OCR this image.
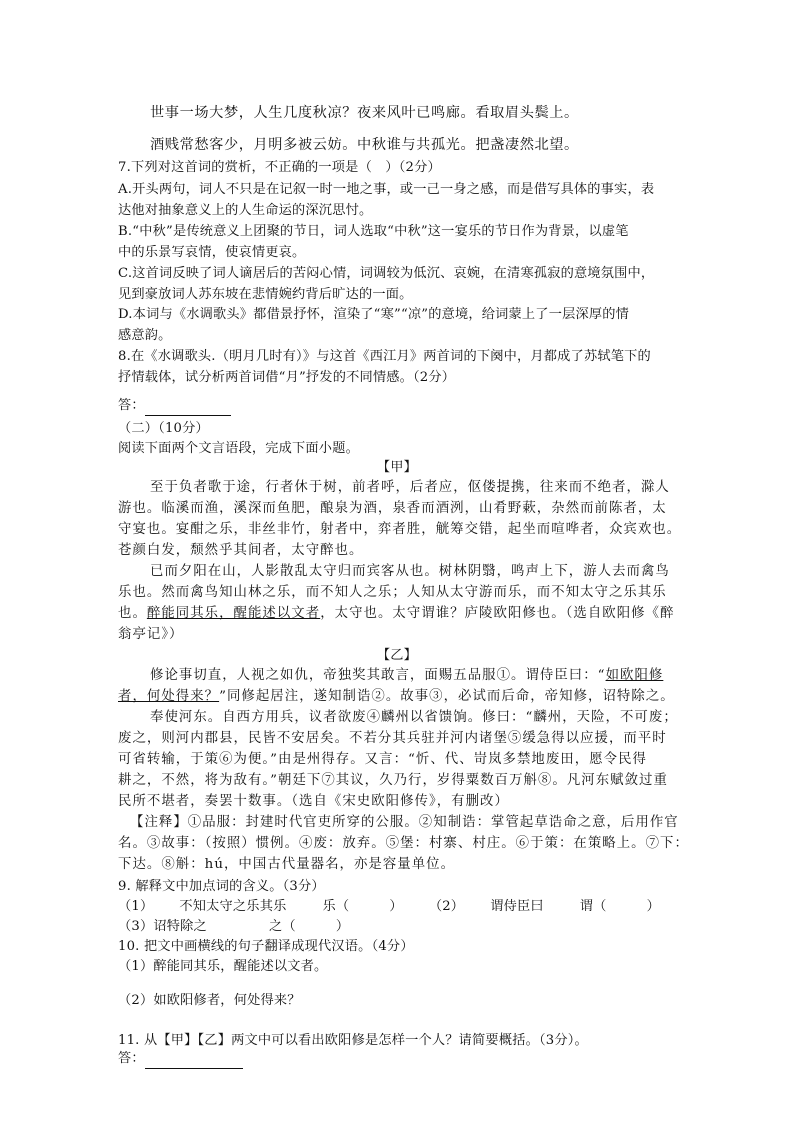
世事一场大梦，人生几度秋凉？夜来风叶已鸣廊。看取眉头鬓上。
酒贱常愁客少，月明多被云妨。中秋谁与共孤光。把盏凄然北望。
7.下列对这首词的赏析，不正确的一项是（　）（2分）
A.开头两句，词人不只是在记叙一时一地之事，或一己一身之感，而是借写具体的事实，表
达他对抽象意义上的人生命运的深沉思忖。
B.“中秋”是传统意义上团聚的节日，词人选取“中秋”这一宴乐的节日作为背景，以虚笔
中的乐景写哀情，使哀情更哀。
C.这首词反映了词人谪居后的苦闷心情，词调较为低沉、哀婉，在清寒孤寂的意境氛围中，
见到豪放词人苏东坡在悲情婉约背后旷达的一面。
D.本词与《水调歌头》都借景抒怀，渲染了“寒”“凉”的意境，给词蒙上了一层深厚的情
感意韵。
8.在《水调歌头.（明月几时有）》与这首《西江月》两首词的下阕中，月都成了苏轼笔下的
抒情载体，试分析两首词借“月”抒发的不同情感。（2分）
答：
（二）（10分）
阅读下面两个文言语段，完成下面小题。
【甲】
至于负者歌于途，行者休于树，前者呼，后者应，伛偻提携，往来而不绝者，滁人
游也。临溪而渔，溪深而鱼肥，酿泉为酒，泉香而酒洌，山肴野蔌，杂然而前陈者，太
守宴也。宴酣之乐，非丝非竹，射者中，弈者胜，觥筹交错，起坐而喧哗者，众宾欢也。
苍颜白发，颓然乎其间者，太守醉也。
已而夕阳在山，人影散乱太守归而宾客从也。树林阴翳，鸣声上下，游人去而禽鸟
乐也。然而禽鸟知山林之乐，而不知人之乐；人知从太守游而乐，而不知太守之乐其乐
也。醉能同其乐，醒能述以文者，太守也。太守谓谁？庐陵欧阳修也。（选自欧阳修《醉
翁亭记》）
【乙】
修论事切直，人视之如仇，帝独奖其敢言，面赐五品服①。谓侍臣曰：“如欧阳修
者，何处得来？”同修起居注，遂知制诰②。故事③，必试而后命，帝知修，诏特除之。
奉使河东。自西方用兵，议者欲废④麟州以省馈饷。修曰：“麟州，天险，不可废；
废之，则河内郡县，民皆不安居矣。不若分其兵驻并河内诸堡⑤缓急得以应援，而平时
可省转输，于策⑥为便。”由是州得存。又言：“忻、代、岢岚多禁地废田，愿令民得
耕之，不然，将为敌有。”朝廷下⑦其议，久乃行，岁得粟数百万斛⑧。凡河东赋敛过重
民所不堪者，奏罢十数事。（选自《宋史欧阳修传》，有删改）
【注释】①品服：封建时代官吏所穿的公服。②知制诰：掌管起草诰命之意，后用作官
名。③故事：（按照）惯例。④废：放弃。⑤堡：村寨、村庄。⑥于策：在策略上。⑦下：
下达。⑧斛：hú，中国古代量器名，亦是容量单位。
9. 解释文中加点词的含义。（3分）
（1） 不知太守之乐其乐	乐（　　　） （2） 谓侍臣曰	谓（　　　）
（3）诏特除之	之（　　　）
10. 把文中画横线的句子翻译成现代汉语。（4分）
（1）醉能同其乐，醒能述以文者。
（2）如欧阳修者，何处得来？
11. 从【甲】【乙】两文中可以看出欧阳修是怎样一个人？请简要概括。（3分）。
答：
